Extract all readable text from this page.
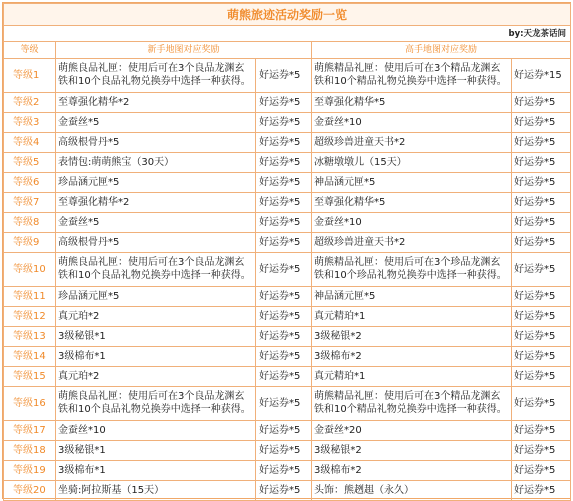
萌熊旅迹活动奖励一览				
by:天龙茶话间				
等级	新手地图对应奖励		高手地图对应奖励	
等级1	萌熊良品礼匣：使用后可在3个良品龙渊玄铁和10个良品礼物兑换券中选择一种获得。	好运券*5	萌熊精品礼匣：使用后可在3个精品龙渊玄铁和10个精品礼物兑换券中选择一种获得。	好运券*15
等级2	至尊强化精华*2	好运券*5	至尊强化精华*5	好运券*5
等级3	金蚕丝*5	好运券*5	金蚕丝*10	好运券*5
等级4	高级根骨丹*5	好运券*5	超级珍兽进童天书*2	好运券*5
等级5	表情包:萌萌熊宝（30天）	好运券*5	冰糖墩墩儿（15天）	好运券*5
等级6	珍品涵元匣*5	好运券*5	神品涵元匣*5	好运券*5
等级7	至尊强化精华*2	好运券*5	至尊强化精华*5	好运券*5
等级8	金蚕丝*5	好运券*5	金蚕丝*10	好运券*5
等级9	高级根骨丹*5	好运券*5	超级珍兽进童天书*2	好运券*5
等级10	萌熊良品礼匣：使用后可在3个良品龙渊玄铁和10个良品礼物兑换券中选择一种获得。	好运券*5	萌熊精品礼匣：使用后可在3个珍品龙渊玄铁和10个珍品礼物兑换券中选择一种获得。	好运券*5
等级11	珍品涵元匣*5	好运券*5	神品涵元匣*5	好运券*5
等级12	真元珀*2	好运券*5	真元精珀*1	好运券*5
等级13	3级秘银*1	好运券*5	3级秘银*2	好运券*5
等级14	3级棉布*1	好运券*5	3级棉布*2	好运券*5
等级15	真元珀*2	好运券*5	真元精珀*1	好运券*5
等级16	萌熊良品礼匣：使用后可在3个良品龙渊玄铁和10个良品礼物兑换券中选择一种获得。	好运券*5	萌熊精品礼匣：使用后可在3个精品龙渊玄铁和10个精品礼物兑换券中选择一种获得。	好运券*5
等级17	金蚕丝*10	好运券*5	金蚕丝*20	好运券*5
等级18	3级秘银*1	好运券*5	3级秘银*2	好运券*5
等级19	3级棉布*1	好运券*5	3级棉布*2	好运券*5
等级20	坐骑:阿拉斯基（15天）	好运券*5	头饰：熊趔趄（永久）	好运券*5
